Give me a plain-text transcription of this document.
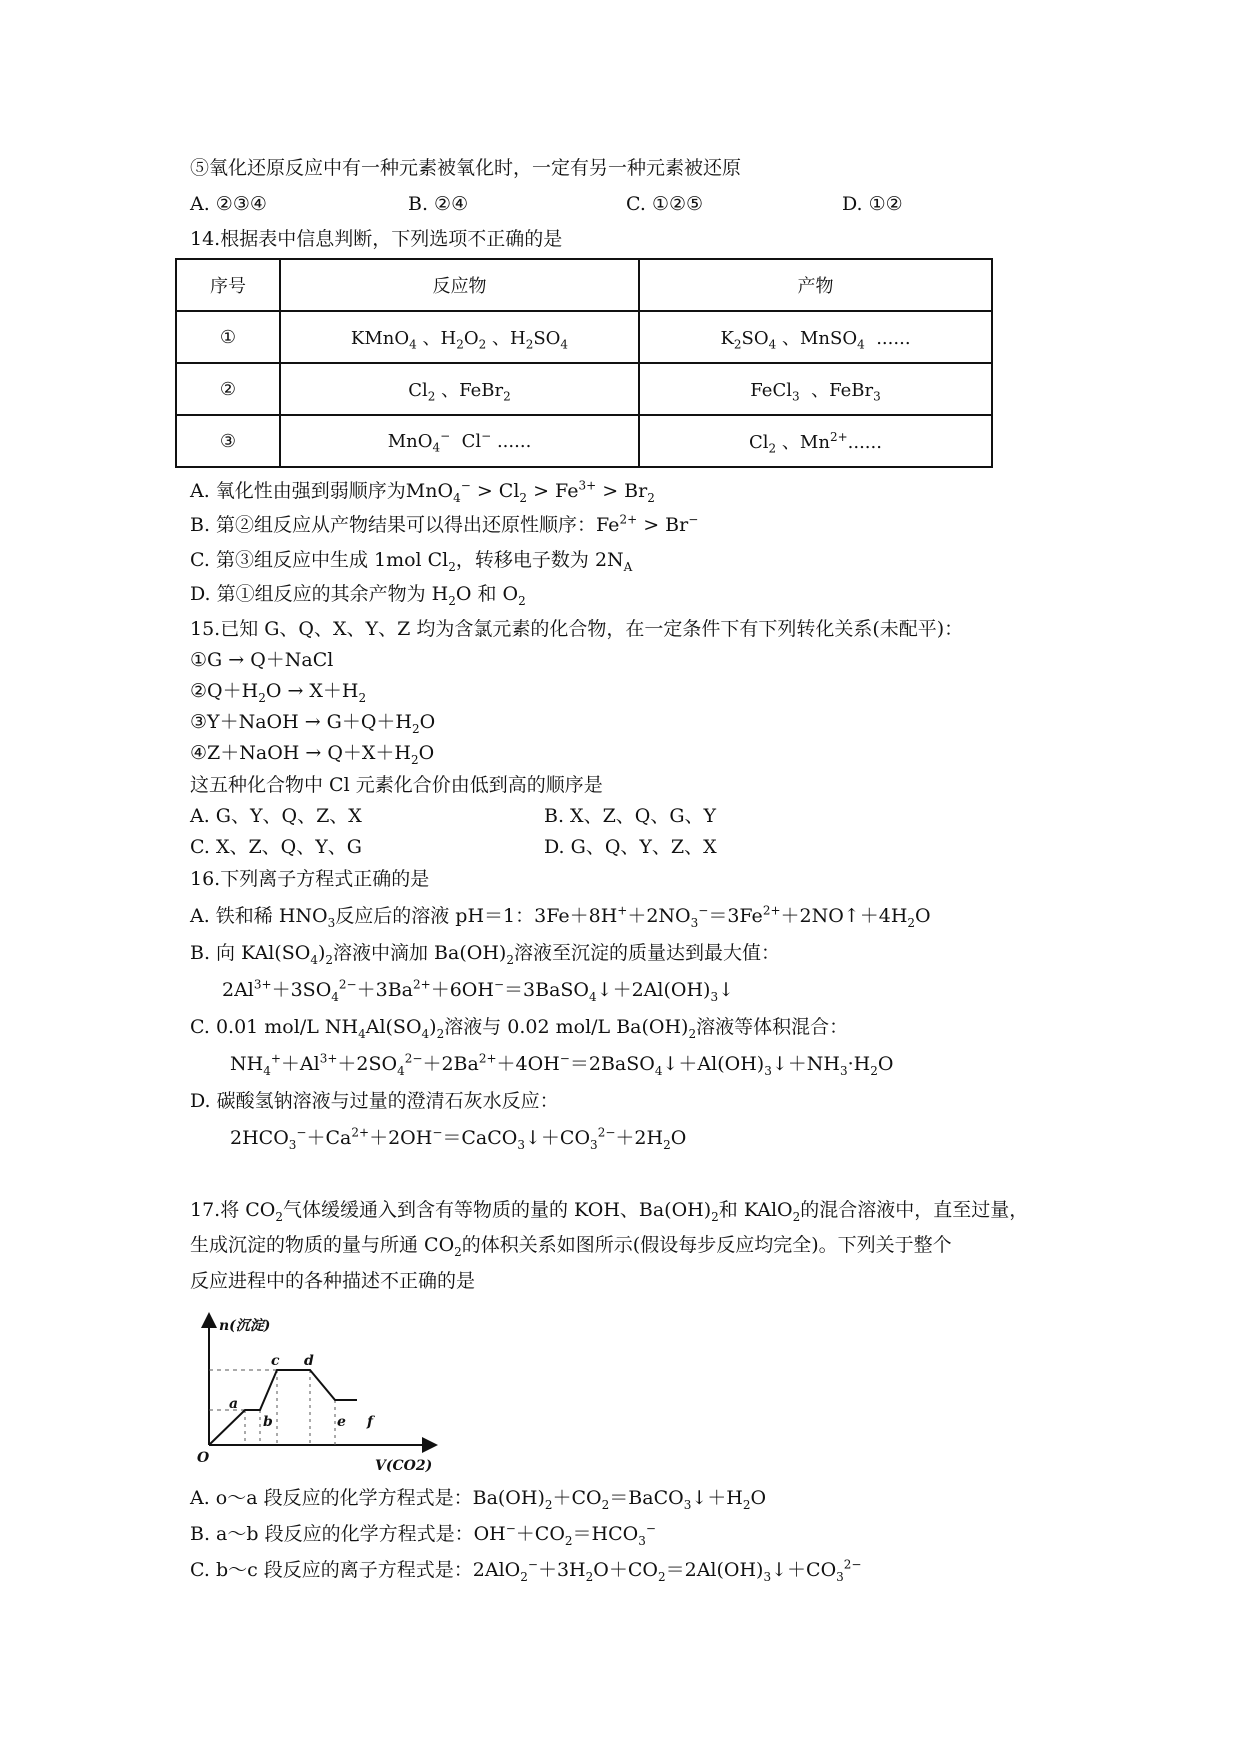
⑤氧化还原反应中有一种元素被氧化时，一定有另一种元素被还原
A. ②③④	B. ②④	C. ①②⑤	D. ①②
14.根据表中信息判断，下列选项不正确的是
序号	反应物	产物
①	KMnO$_4$ 、$H_2O_2$ 、$H_2SO_4$	$K_2SO_4$ 、MnSO$_4$  ......
②	$Cl_2$ 、FeBr$_2$	FeCl$_3$  、FeBr$_3$
③	MnO$_4$−  Cl− ......	$Cl_2$ 、$Mn^{2+}$......
A. 氧化性由强到弱顺序为$MnO_4^- > Cl_2 > Fe^{3+} > Br_2$
B. 第②组反应从产物结果可以得出还原性顺序：$Fe^{2+} > Br^-$
C. 第③组反应中生成 1mol $Cl_2$，转移电子数为 $2N_A$
D. 第①组反应的其余产物为 $H_2O$ 和 $O_2$
15.已知 G、Q、X、Y、Z 均为含氯元素的化合物，在一定条件下有下列转化关系(未配平)：
①G → Q＋NaCl
$②Q+H_2O \to X+H_2$
③Y＋NaOH → $G+Q+H_2O$
④Z＋NaOH → $Q+X+H_2O$
这五种化合物中 Cl 元素化合价由低到高的顺序是
A. G、Y、Q、Z、X	B. X、Z、Q、G、Y
C. X、Z、Q、Y、G	D. G、Q、Y、Z、X
16.下列离子方程式正确的是
A. 铁和稀 $HNO_3$反应后的溶液 pH＝1：$3Fe+8H^++2NO_3^-=3Fe^{2+}+2NO↑+4H_2O$
B. 向 $KAl(SO_4)_2$溶液中滴加 $Ba(OH)_2$溶液至沉淀的质量达到最大值：
$2Al^{3+}+3SO_4^{2-}+3Ba^{2+}+6OH^-=3BaSO_4↓+2Al(OH)_3↓$
C. 0.01 mol/L $NH_4Al(SO_4)_2$溶液与 0.02 mol/L $Ba(OH)_2$溶液等体积混合：
$NH_4^++Al^{3+}+2SO_4^{2-}+2Ba^{2+}+4OH^-=2BaSO_4↓+Al(OH)_3↓+NH_3\cdot H_2O$
D. 碳酸氢钠溶液与过量的澄清石灰水反应：
$2HCO_3^-+Ca^{2+}+2OH^-=CaCO_3↓+CO_3^{2-}+2H_2O$
17.将 $CO_2$气体缓缓通入到含有等物质的量的 KOH、$Ba(OH)_2$和 KAlO$_2$的混合溶液中，直至过量，
生成沉淀的物质的量与所通 $CO_2$的体积关系如图所示(假设每步反应均完全)。下列关于整个
反应进程中的各种描述不正确的是
n(沉淀)
V(CO2)
O
a
b
c d
e f
A. o～a 段反应的化学方程式是：$Ba(OH)_2+CO_2=BaCO_3↓+H_2O$
B. a～b 段反应的化学方程式是：$OH^-+CO_2=HCO_3^-$
C. b～c 段反应的离子方程式是：$2AlO_2^-+3H_2O+CO_2=2Al(OH)_3↓+CO_3^{2-}$
